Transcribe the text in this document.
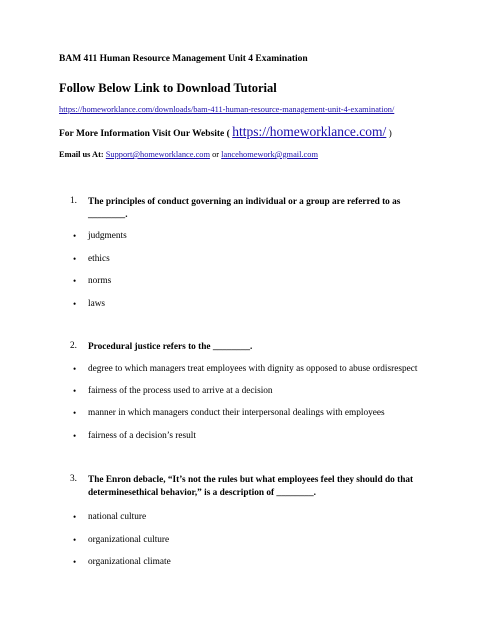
BAM 411 Human Resource Management Unit 4 Examination
Follow Below Link to Download Tutorial
https://homeworklance.com/downloads/bam-411-human-resource-management-unit-4-examination/
For More Information Visit Our Website ( https://homeworklance.com/ )
Email us At: Support@homeworklance.com or lancehomework@gmail.com
1. The principles of conduct governing an individual or a group are referred to as ________.
• judgments
• ethics
• norms
• laws
2. Procedural justice refers to the ________.
• degree to which managers treat employees with dignity as opposed to abuse ordisrespect
• fairness of the process used to arrive at a decision
• manner in which managers conduct their interpersonal dealings with employees
• fairness of a decision’s result
3. The Enron debacle, “It’s not the rules but what employees feel they should do that determinesethical behavior,” is a description of ________.
• national culture
• organizational culture
• organizational climate
